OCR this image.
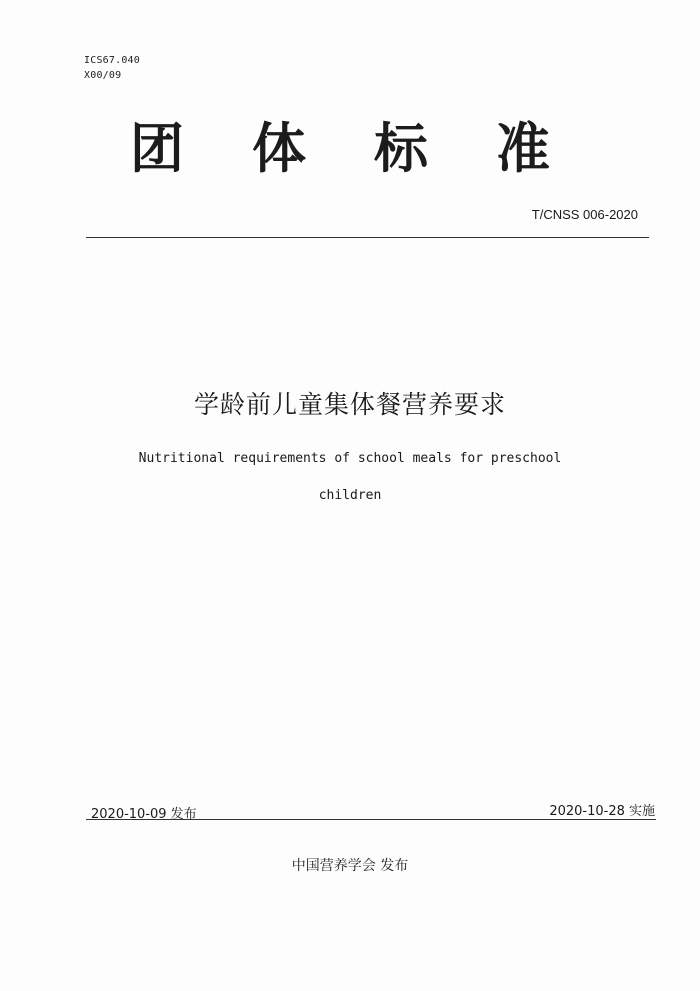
ICS67.040
X00/09
团体标准
T/CNSS 006-2020
学龄前儿童集体餐营养要求
Nutritional requirements of school meals for preschool
children
2020-10-09 发布	2020-10-28 实施
中国营养学会 发布
